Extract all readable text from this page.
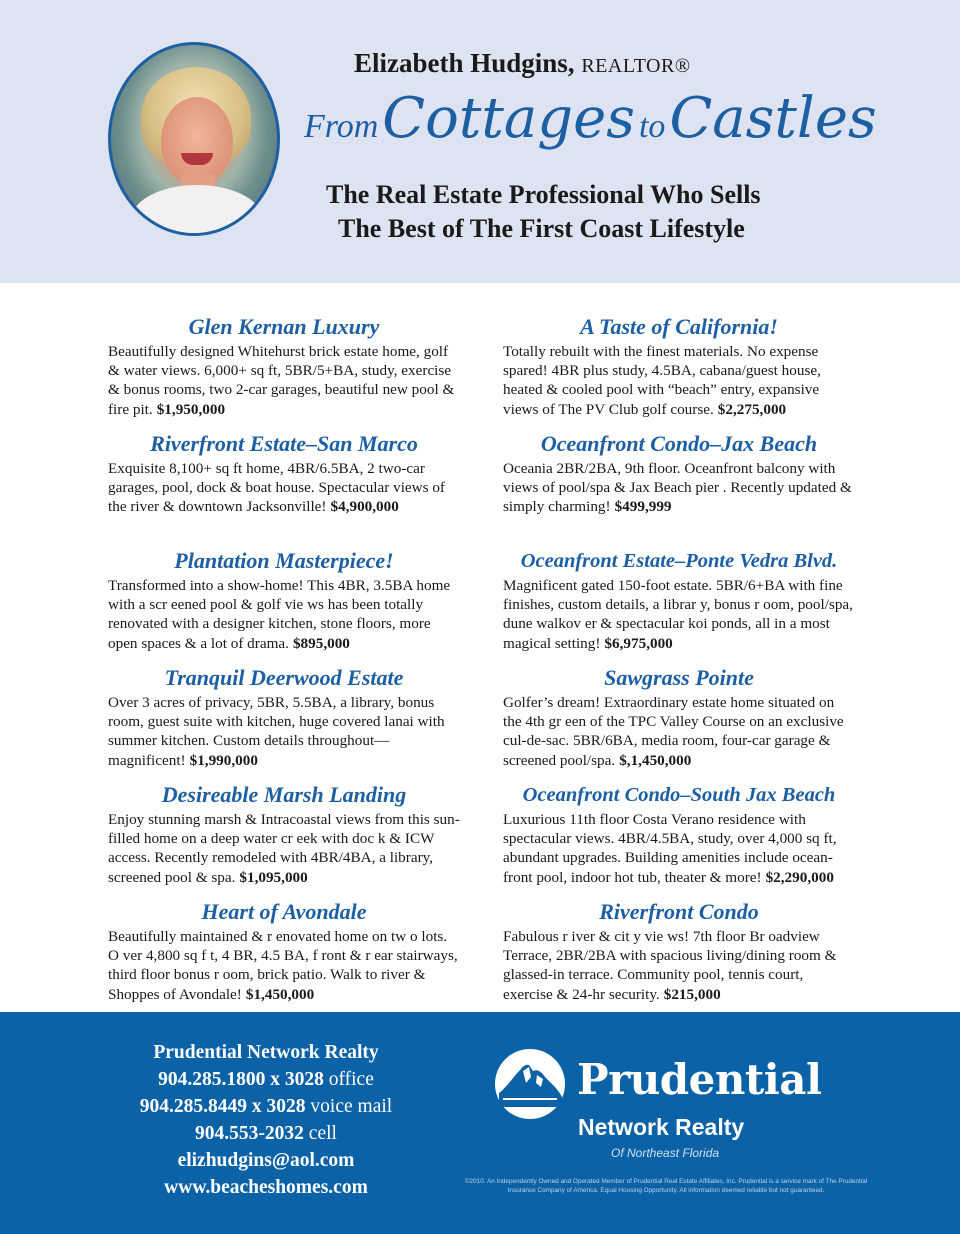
Elizabeth Hudgins, REALTOR®
From Cottages to Castles
The Real Estate Professional Who Sells
The Best of The First Coast Lifestyle
Glen Kernan Luxury
Beautifully designed Whitehurst brick estate home, golf & water views. 6,000+ sq ft, 5BR/5+BA, study, exercise & bonus rooms, two 2-car garages, beautiful new pool & fire pit. $1,950,000
Riverfront Estate–San Marco
Exquisite 8,100+ sq ft home, 4BR/6.5BA, 2 two-car garages, pool, dock & boat house. Spectacular views of the river & downtown Jacksonville! $4,900,000
Plantation Masterpiece!
Transformed into a show-home! This 4BR, 3.5BA home with a scr eened pool & golf vie ws has been totally renovated with a designer kitchen, stone floors, more open spaces & a lot of drama. $895,000
Tranquil Deerwood Estate
Over 3 acres of privacy, 5BR, 5.5BA, a library, bonus room, guest suite with kitchen, huge covered lanai with summer kitchen. Custom details throughout—magnificent! $1,990,000
Desireable Marsh Landing
Enjoy stunning marsh & Intracoastal views from this sun-filled home on a deep water cr eek with doc k & ICW access. Recently remodeled with 4BR/4BA, a library, screened pool & spa. $1,095,000
Heart of Avondale
Beautifully maintained & r enovated home on tw o lots. O ver 4,800 sq f t, 4 BR, 4.5 BA, f ront & r ear stairways, third floor bonus r oom, brick patio. Walk to river & Shoppes of Avondale! $1,450,000
A Taste of California!
Totally rebuilt with the finest materials. No expense spared! 4BR plus study, 4.5BA, cabana/guest house, heated & cooled pool with “beach” entry, expansive views of The PV Club golf course. $2,275,000
Oceanfront Condo–Jax Beach
Oceania 2BR/2BA, 9th floor. Oceanfront balcony with views of pool/spa & Jax Beach pier . Recently updated & simply charming! $499,999
Oceanfront Estate–Ponte Vedra Blvd.
Magnificent gated 150-foot estate. 5BR/6+BA with fine finishes, custom details, a librar y, bonus r oom, pool/spa, dune walkov er & spectacular koi ponds, all in a most magical setting! $6,975,000
Sawgrass Pointe
Golfer’s dream! Extraordinary estate home situated on the 4th gr een of the TPC Valley Course on an exclusive cul-de-sac. 5BR/6BA, media room, four-car garage & screened pool/spa. $,1,450,000
Oceanfront Condo–South Jax Beach
Luxurious 11th floor Costa Verano residence with spectacular views. 4BR/4.5BA, study, over 4,000 sq ft, abundant upgrades. Building amenities include ocean-front pool, indoor hot tub, theater & more! $2,290,000
Riverfront Condo
Fabulous r iver & cit y vie ws! 7th floor Br oadview Terrace, 2BR/2BA with spacious living/dining room & glassed-in terrace. Community pool, tennis court, exercise & 24-hr security. $215,000
Prudential Network Realty
904.285.1800 x 3028 office
904.285.8449 x 3028 voice mail
904.553-2032 cell
elizhudgins@aol.com
www.beacheshomes.com
Prudential
Network Realty
Of Northeast Florida
©2010. An Independently Owned and Operated Member of Prudential Real Estate Affiliates, Inc. Prudential is a service mark of The Prudential Insurance Company of America. Equal Housing Opportunity. All information deemed reliable but not guaranteed.
